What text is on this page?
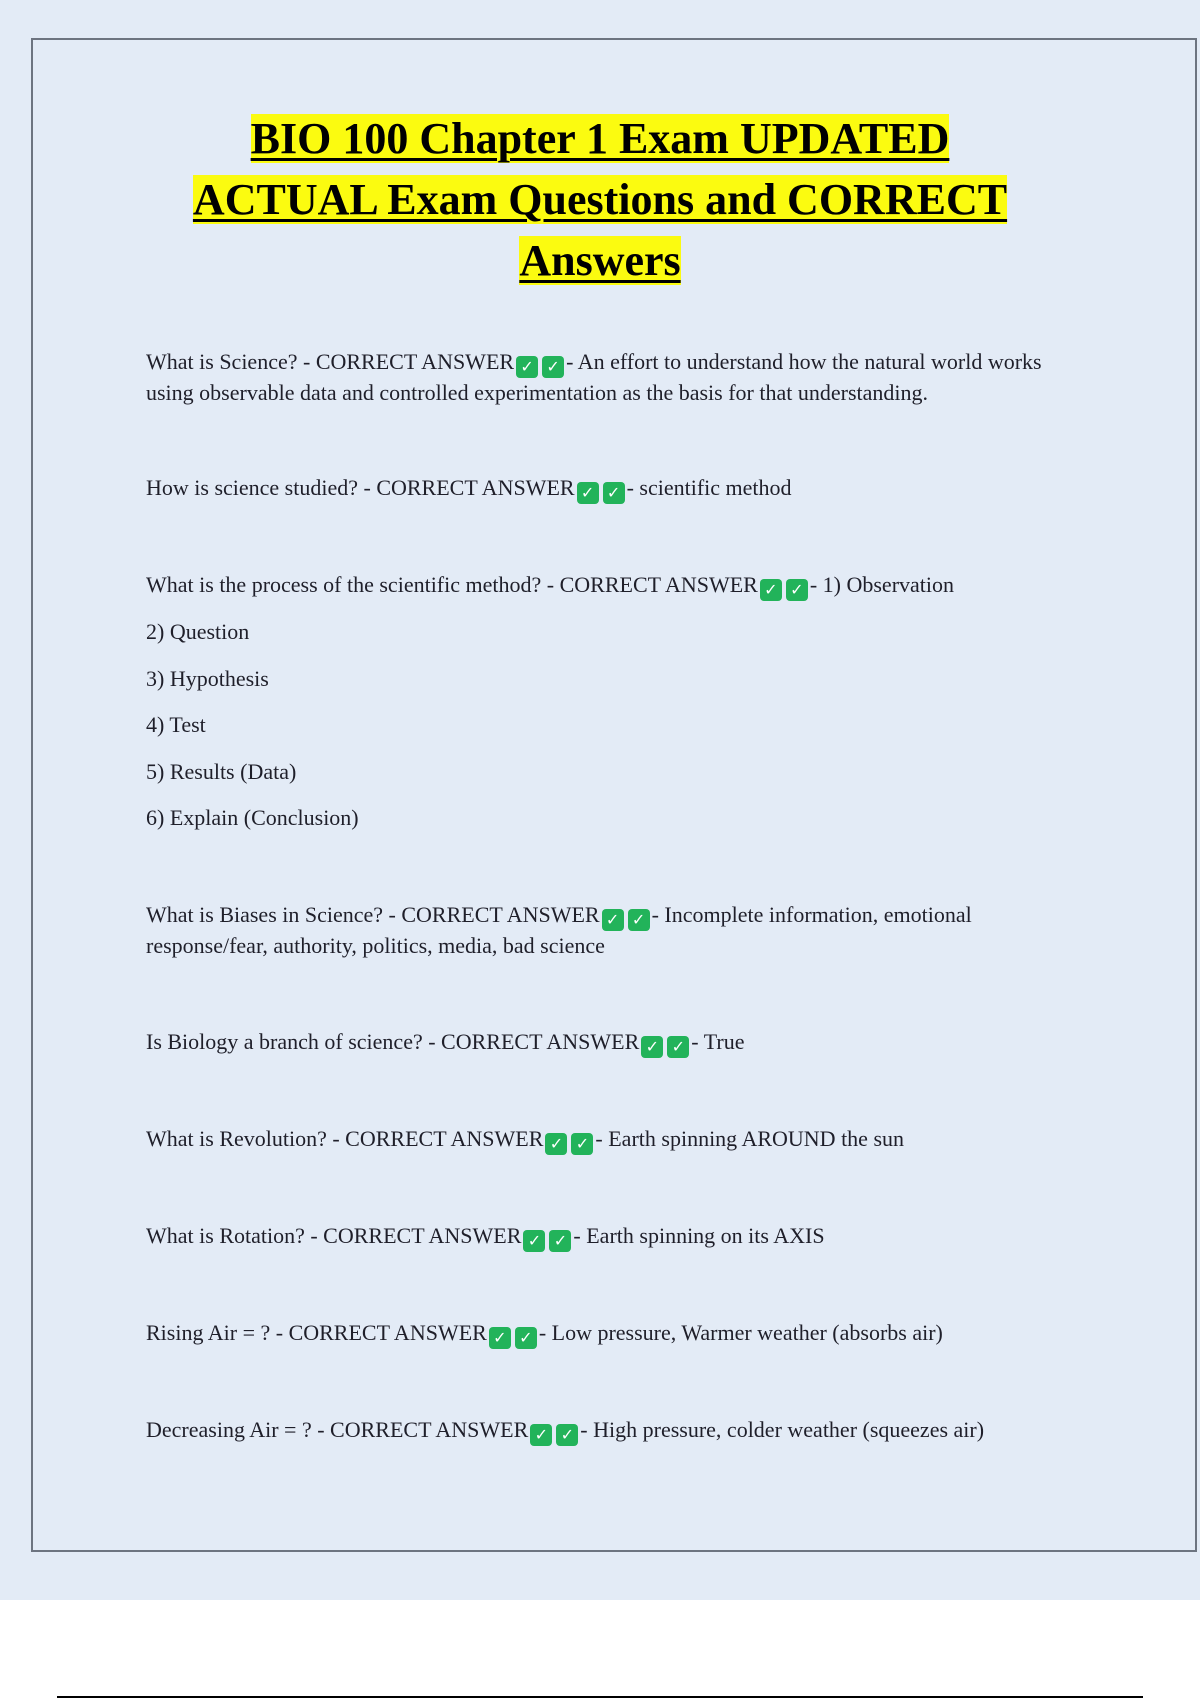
BIO 100 Chapter 1 Exam UPDATED
ACTUAL Exam Questions and CORRECT
Answers

What is Science? - CORRECT ANSWER ✓ ✓ - An effort to understand how the natural world works using observable data and controlled experimentation as the basis for that understanding.

How is science studied? - CORRECT ANSWER ✓ ✓ - scientific method

What is the process of the scientific method? - CORRECT ANSWER ✓ ✓ - 1) Observation

2) Question

3) Hypothesis

4) Test

5) Results (Data)

6) Explain (Conclusion)

What is Biases in Science? - CORRECT ANSWER ✓ ✓ - Incomplete information, emotional response/fear, authority, politics, media, bad science

Is Biology a branch of science? - CORRECT ANSWER ✓ ✓ - True

What is Revolution? - CORRECT ANSWER ✓ ✓ - Earth spinning AROUND the sun

What is Rotation? - CORRECT ANSWER ✓ ✓ - Earth spinning on its AXIS

Rising Air = ? - CORRECT ANSWER ✓ ✓ - Low pressure, Warmer weather (absorbs air)

Decreasing Air = ? - CORRECT ANSWER ✓ ✓ - High pressure, colder weather (squeezes air)
